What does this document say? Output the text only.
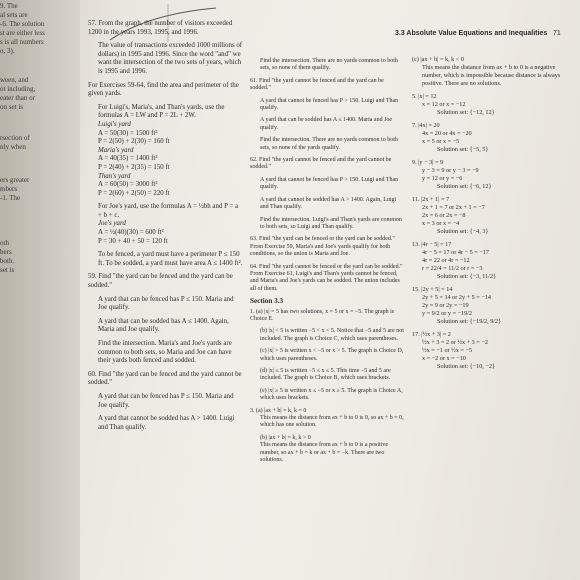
9. The
al sets are
-6. The solution
st are either less
s is all numbers
o, 3).
ween, and
ot including,
eater than or
on set is
rsection of
nly when
ers greater
mbers
-1. The
oth
bers
both.
set is
3.3 Absolute Value Equations and Inequalities 71

57. From the graph, the number of visitors exceeded 1200 in the years 1993, 1995, and 1996.

The value of transactions exceeded 1000 millions of dollars) in 1995 and 1996. Since the word "and" we want the intersection of the two sets of years, which is 1995 and 1996.

For Exercises 59-64, find the area and perimeter of the given yards.

For Luigi's, Maria's, and Than's yards, use the formulas A = LW and P = 2L + 2W.

Luigi's yard
A = 50(30) = 1500 ft²
P = 2(50) + 2(30) = 160 ft
Maria's yard
A = 40(35) = 1400 ft²
P = 2(40) + 2(35) = 150 ft
Than's yard
A = 60(50) = 3000 ft²
P = 2(60) + 2(50) = 220 ft

For Joe's yard, use the formulas A = ½bh and P = a + b + c.

Joe's yard
A = ½(40)(30) = 600 ft²
P = 30 + 40 + 50 = 120 ft

To be fenced, a yard must have a perimeter P ≤ 150 ft. To be sodded, a yard must have area A ≤ 1400 ft².

59. Find "the yard can be fenced and the yard can be sodded."

A yard that can be fenced has P ≤ 150. Maria and Joe qualify.

A yard that can be sodded has A ≤ 1400. Again, Maria and Joe qualify.

Find the intersection. Maria's and Joe's yards are common to both sets, so Maria and Joe can have their yards both fenced and sodded.

60. Find "the yard can be fenced and the yard cannot be sodded."

A yard that can be fenced has P ≤ 150. Maria and Joe qualify.

A yard that cannot be sodded has A > 1400. Luigi and Than qualify.

Find the intersection. There are no yards common to both sets, so none of them qualify.

61. Find "the yard cannot be fenced and the yard can be sodded."

A yard that cannot be fenced has P > 150. Luigi and Than qualify.

A yard that can be sodded has A ≤ 1400. Maria and Joe qualify.

Find the intersection. There are no yards common to both sets, so none of the yards qualify.

62. Find "the yard cannot be fenced and the yard cannot be sodded."

A yard that cannot be fenced has P > 150. Luigi and Than qualify.

A yard that cannot be sodded has A > 1400. Again, Luigi and Than qualify.

Find the intersection. Luigi's and Than's yards are common to both sets, so Luigi and Than qualify.

63. Find "the yard can be fenced or the yard can be sodded." From Exercise 59, Maria's and Joe's yards qualify for both conditions, so the union is Maria and Joe.

64. Find "the yard cannot be fenced or the yard can be sodded." From Exercise 61, Luigi's and Than's yards cannot be fenced, and Maria's and Joe's yards can be sodded. The union includes all of them.

Section 3.3

1. (a) |x| = 5 has two solutions, x = 5 or x = −5. The graph is Choice E.

(b) |x| < 5 is written −5 < x < 5. Notice that −5 and 5 are not included. The graph is Choice C, which uses parentheses.

(c) |x| > 5 is written x < −5 or x > 5. The graph is Choice D, which uses parentheses.

(d) |x| ≤ 5 is written −5 ≤ x ≤ 5. This time −5 and 5 are included. The graph is Choice B, which uses brackets.

(e) |x| ≥ 5 is written x ≤ −5 or x ≥ 5. The graph is Choice A, which uses brackets.

3. (a) |ax + b| = k, k = 0

This means the distance from ax + b to 0 is 0, so ax + b = 0, which has one solution.

(b) |ax + b| = k, k > 0

This means the distance from ax + b to 0 is a positive number, so ax + b = k or ax + b = −k. There are two solutions.

(c) |ax + b| = k, k < 0

This means the distance from ax + b to 0 is a negative number, which is impossible because distance is always positive. There are no solutions.

5. |x| = 12
x = 12 or x = −12
Solution set: {−12, 12}
7. |4x| = 20
4x = 20 or 4x = −20
x = 5 or x = −5
Solution set: {−5, 5}
9. |y − 3| = 9
y − 3 = 9 or y − 3 = −9
y = 12 or y = −6
Solution set: {−6, 12}
11. |2x + 1| = 7
2x + 1 = 7 or 2x + 1 = −7
2x = 6 or 2x = −8
x = 3 or x = −4
Solution set: {−4, 3}
13. |4r − 5| = 17
4r − 5 = 17 or 4r − 5 = −17
4r = 22 or 4r = −12
r = 22/4 = 11/2 or r = −3
Solution set: {−3, 11/2}
15. |2y + 5| = 14
2y + 5 = 14 or 2y + 5 = −14
2y = 9 or 2y = −19
y = 9/2 or y = −19/2
Solution set: {−19/2, 9/2}
17. |½x + 3| = 2
½x + 3 = 2 or ½x + 3 = −2
½x = −1 or ½x = −5
x = −2 or x = −10
Solution set: {−10, −2}
